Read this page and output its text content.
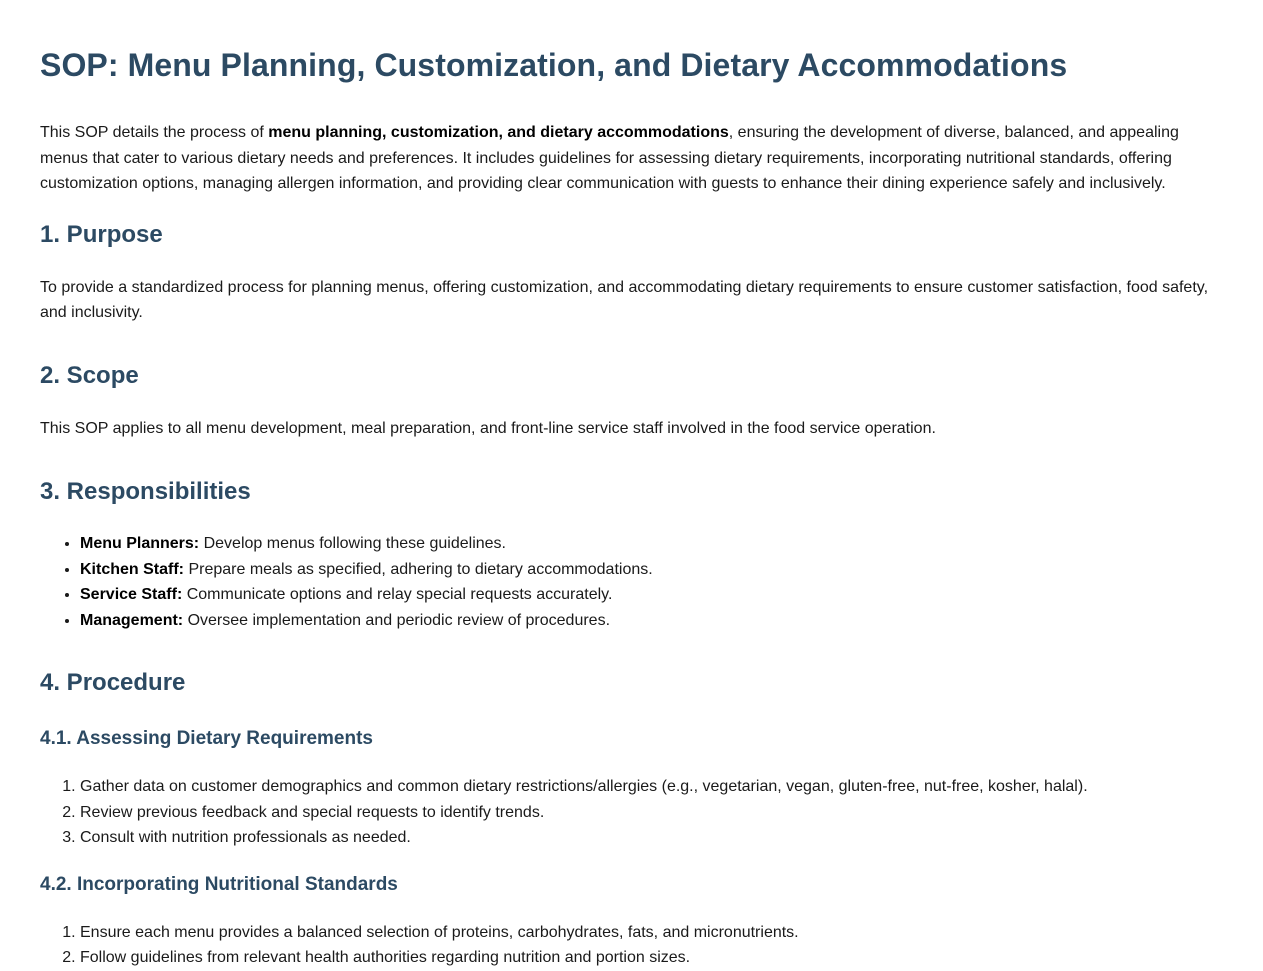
SOP: Menu Planning, Customization, and Dietary Accommodations

This SOP details the process of menu planning, customization, and dietary accommodations, ensuring the development of diverse, balanced, and appealing menus that cater to various dietary needs and preferences. It includes guidelines for assessing dietary requirements, incorporating nutritional standards, offering customization options, managing allergen information, and providing clear communication with guests to enhance their dining experience safely and inclusively.

1. Purpose

To provide a standardized process for planning menus, offering customization, and accommodating dietary requirements to ensure customer satisfaction, food safety, and inclusivity.

2. Scope

This SOP applies to all menu development, meal preparation, and front-line service staff involved in the food service operation.

3. Responsibilities
• Menu Planners: Develop menus following these guidelines.
• Kitchen Staff: Prepare meals as specified, adhering to dietary accommodations.
• Service Staff: Communicate options and relay special requests accurately.
• Management: Oversee implementation and periodic review of procedures.
4. Procedure
4.1. Assessing Dietary Requirements
1. Gather data on customer demographics and common dietary restrictions/allergies (e.g., vegetarian, vegan, gluten-free, nut-free, kosher, halal).
2. Review previous feedback and special requests to identify trends.
3. Consult with nutrition professionals as needed.
4.2. Incorporating Nutritional Standards
1. Ensure each menu provides a balanced selection of proteins, carbohydrates, fats, and micronutrients.
2. Follow guidelines from relevant health authorities regarding nutrition and portion sizes.
